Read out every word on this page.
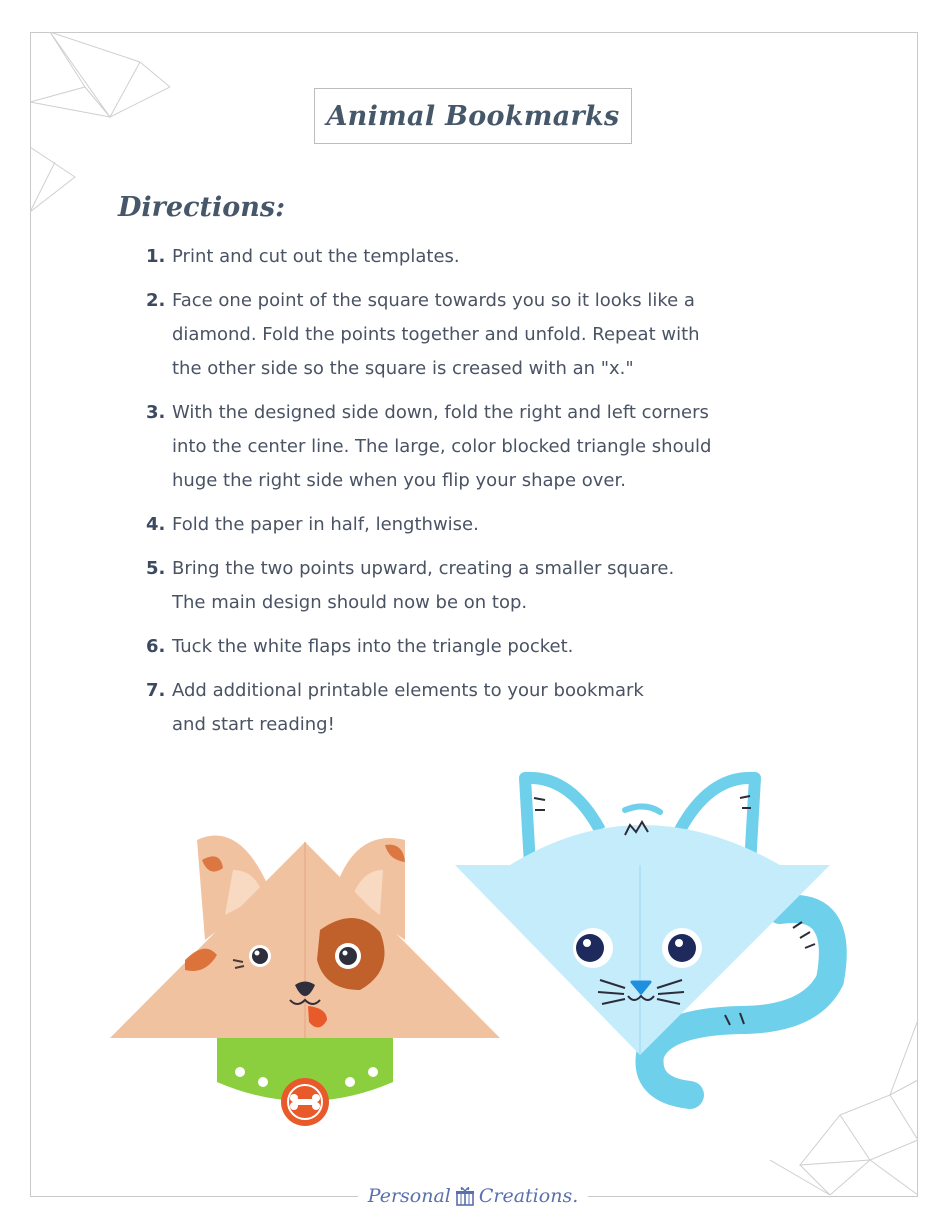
Animal Bookmarks
Directions:
1. Print and cut out the templates.
2. Face one point of the square towards you so it looks like a
diamond. Fold the points together and unfold. Repeat with
the other side so the square is creased with an "x."
3. With the designed side down, fold the right and left corners
into the center line. The large, color blocked triangle should
huge the right side when you flip your shape over.
4. Fold the paper in half, lengthwise.
5. Bring the two points upward, creating a smaller square.
The main design should now be on top.
6. Tuck the white flaps into the triangle pocket.
7. Add additional printable elements to your bookmark
and start reading!
Personal Creations.
